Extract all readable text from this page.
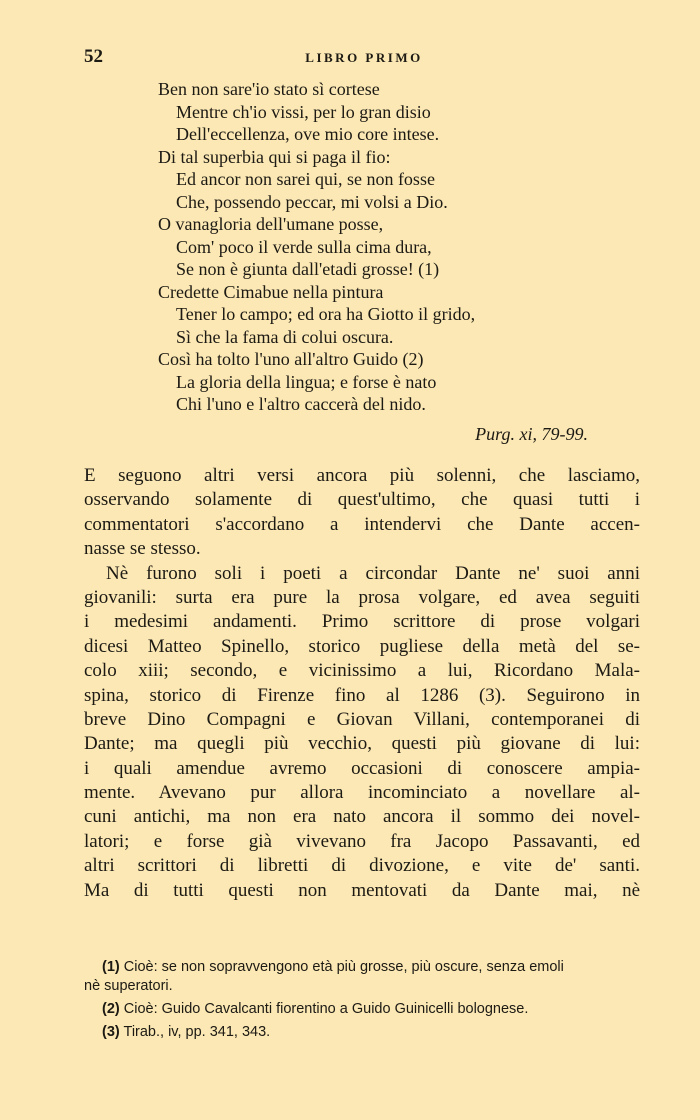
52	LIBRO PRIMO
Ben non sare'io stato sì cortese
Mentre ch'io vissi, per lo gran disio
Dell'eccellenza, ove mio core intese.
Di tal superbia qui si paga il fio:
Ed ancor non sarei qui, se non fosse
Che, possendo peccar, mi volsi a Dio.
O vanagloria dell'umane posse,
Com' poco il verde sulla cima dura,
Se non è giunta dall'etadi grosse! (1)
Credette Cimabue nella pintura
Tener lo campo; ed ora ha Giotto il grido,
Sì che la fama di colui oscura.
Così ha tolto l'uno all'altro Guido (2)
La gloria della lingua; e forse è nato
Chi l'uno e l'altro caccerà del nido.
Purg. xi, 79-99.
E seguono altri versi ancora più solenni, che lasciamo,
osservando solamente di quest'ultimo, che quasi tutti i
commentatori s'accordano a intendervi che Dante accen-
nasse se stesso.
Nè furono soli i poeti a circondar Dante ne' suoi anni
giovanili: surta era pure la prosa volgare, ed avea seguiti
i medesimi andamenti. Primo scrittore di prose volgari
dicesi Matteo Spinello, storico pugliese della metà del se-
colo xiii; secondo, e vicinissimo a lui, Ricordano Mala-
spina, storico di Firenze fino al 1286 (3). Seguirono in
breve Dino Compagni e Giovan Villani, contemporanei di
Dante; ma quegli più vecchio, questi più giovane di lui:
i quali amendue avremo occasioni di conoscere ampia-
mente. Avevano pur allora incominciato a novellare al-
cuni antichi, ma non era nato ancora il sommo dei novel-
latori; e forse già vivevano fra Jacopo Passavanti, ed
altri scrittori di libretti di divozione, e vite de' santi.
Ma di tutti questi non mentovati da Dante mai, nè
(1) Cioè: se non sopravvengono età più grosse, più oscure, senza emoli
nè superatori.
(2) Cioè: Guido Cavalcanti fiorentino a Guido Guinicelli bolognese.
(3) Tirab., iv, pp. 341, 343.
